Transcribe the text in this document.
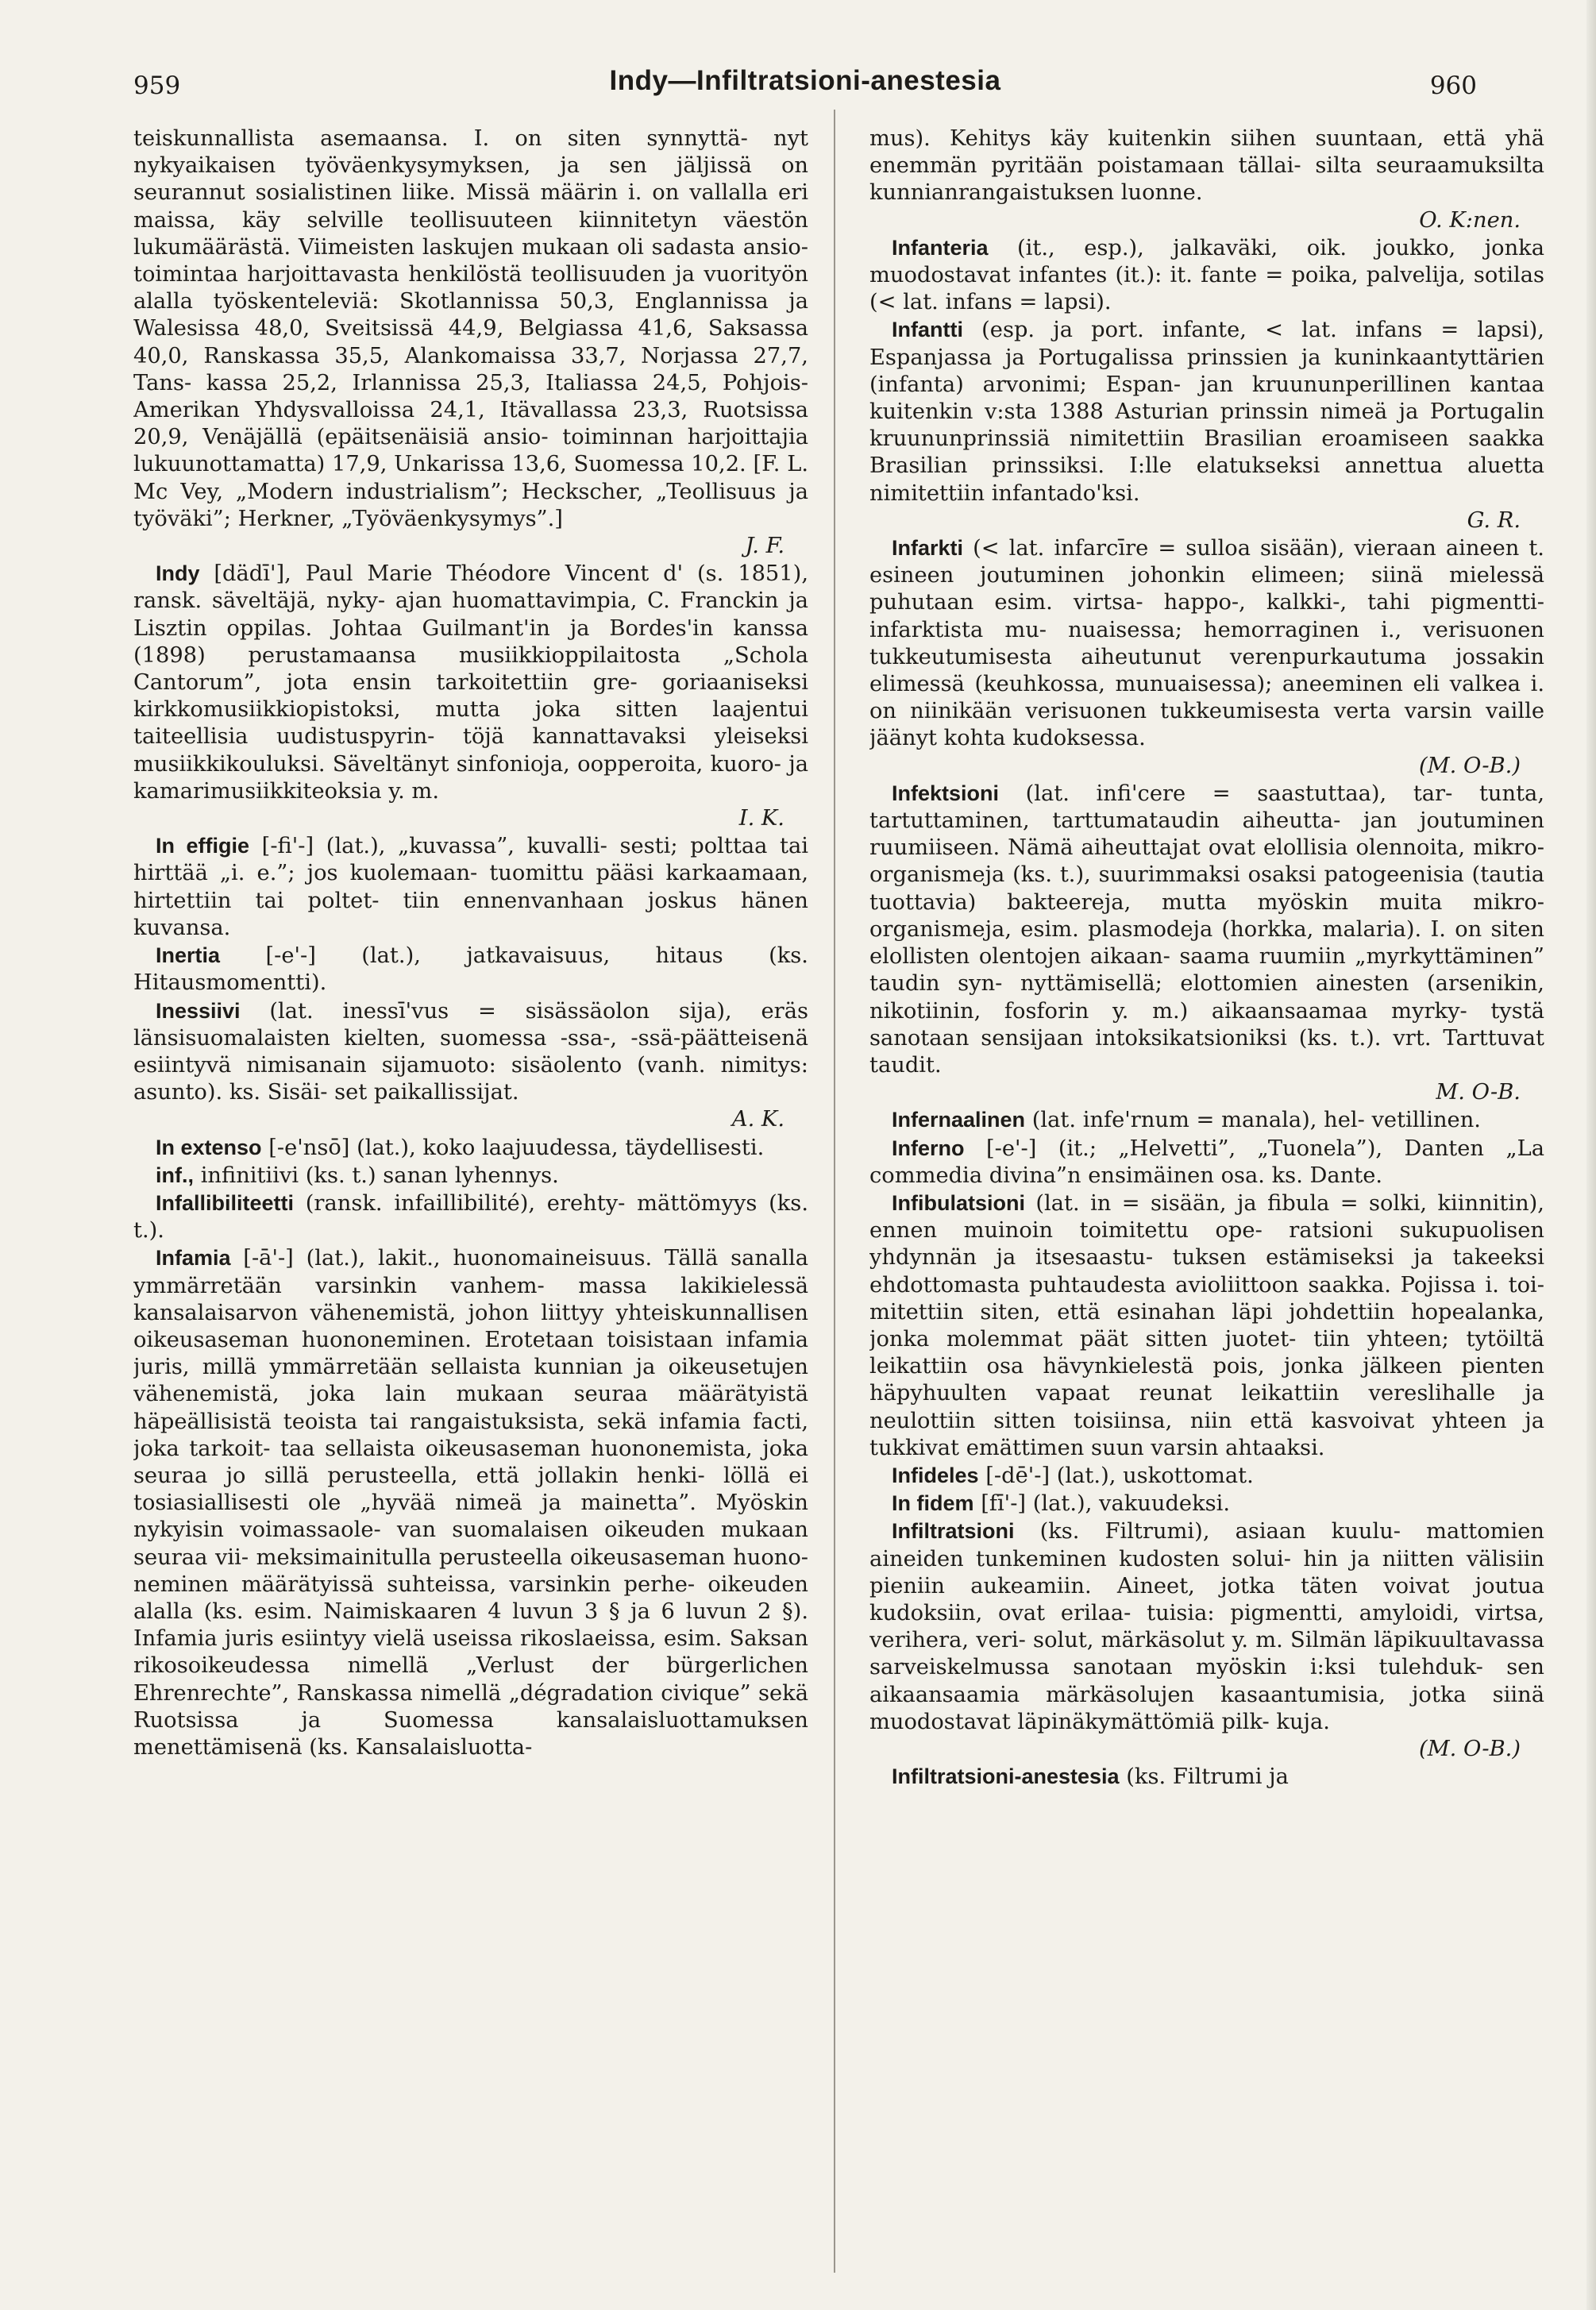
959	Indy—Infiltratsioni-anestesia	960

teiskunnallista asemaansa. I. on siten synnyttä- nyt nykyaikaisen työväenkysymyksen, ja sen jäljissä on seurannut sosialistinen liike. Missä määrin i. on vallalla eri maissa, käy selville teollisuuteen kiinnitetyn väestön lukumäärästä. Viimeisten laskujen mukaan oli sadasta ansio- toimintaa harjoittavasta henkilöstä teollisuuden ja vuorityön alalla työskenteleviä: Skotlannissa 50,3, Englannissa ja Walesissa 48,0, Sveitsissä 44,9, Belgiassa 41,6, Saksassa 40,0, Ranskassa 35,5, Alankomaissa 33,7, Norjassa 27,7, Tans- kassa 25,2, Irlannissa 25,3, Italiassa 24,5, Pohjois- Amerikan Yhdysvalloissa 24,1, Itävallassa 23,3, Ruotsissa 20,9, Venäjällä (epäitsenäisiä ansio- toiminnan harjoittajia lukuunottamatta) 17,9, Unkarissa 13,6, Suomessa 10,2. [F. L. Mc Vey, „Modern industrialism”; Heckscher, „Teollisuus ja työväki”; Herkner, „Työväenkysymys”.]
J. F.

Indy [dädī'], Paul Marie Théodore Vincent d' (s. 1851), ransk. säveltäjä, nyky- ajan huomattavimpia, C. Franckin ja Lisztin oppilas. Johtaa Guilmant'in ja Bordes'in kanssa (1898) perustamaansa musiikkioppilaitosta „Schola Cantorum”, jota ensin tarkoitettiin gre- goriaaniseksi kirkkomusiikkiopistoksi, mutta joka sitten laajentui taiteellisia uudistuspyrin- töjä kannattavaksi yleiseksi musiikkikouluksi. Säveltänyt sinfonioja, oopperoita, kuoro- ja kamarimusiikkiteoksia y. m.
I. K.

In effigie [-fi'-] (lat.), „kuvassa”, kuvalli- sesti; polttaa tai hirttää „i. e.”; jos kuolemaan- tuomittu pääsi karkaamaan, hirtettiin tai poltet- tiin ennenvanhaan joskus hänen kuvansa.

Inertia [-e'-] (lat.), jatkavaisuus, hitaus (ks. Hitausmomentti).

Inessiivi (lat. inessī'vus = sisässäolon sija), eräs länsisuomalaisten kielten, suomessa -ssa-, -ssä-päätteisenä esiintyvä nimisanain sijamuoto: sisäolento (vanh. nimitys: asunto). ks. Sisäi- set paikallissijat.
A. K.

In extenso [-e'nsō] (lat.), koko laajuudessa, täydellisesti.

inf., infinitiivi (ks. t.) sanan lyhennys.

Infallibiliteetti (ransk. infaillibilité), erehty- mättömyys (ks. t.).

Infamia [-ā'-] (lat.), lakit., huonomaineisuus. Tällä sanalla ymmärretään varsinkin vanhem- massa lakikielessä kansalaisarvon vähenemistä, johon liittyy yhteiskunnallisen oikeusaseman huononeminen. Erotetaan toisistaan infamia juris, millä ymmärretään sellaista kunnian ja oikeusetujen vähenemistä, joka lain mukaan seuraa määrätyistä häpeällisistä teoista tai rangaistuksista, sekä infamia facti, joka tarkoit- taa sellaista oikeusaseman huononemista, joka seuraa jo sillä perusteella, että jollakin henki- löllä ei tosiasiallisesti ole „hyvää nimeä ja mainetta”. Myöskin nykyisin voimassaole- van suomalaisen oikeuden mukaan seuraa vii- meksimainitulla perusteella oikeusaseman huono- neminen määrätyissä suhteissa, varsinkin perhe- oikeuden alalla (ks. esim. Naimiskaaren 4 luvun 3 § ja 6 luvun 2 §). Infamia juris esiintyy vielä useissa rikoslaeissa, esim. Saksan rikosoikeudessa nimellä „Verlust der bürgerlichen Ehrenrechte”, Ranskassa nimellä „dégradation civique” sekä Ruotsissa ja Suomessa kansalaisluottamuksen menettämisenä (ks. Kansalaisluotta-

mus). Kehitys käy kuitenkin siihen suuntaan, että yhä enemmän pyritään poistamaan tällai- silta seuraamuksilta kunnianrangaistuksen luonne.
O. K:nen.

Infanteria (it., esp.), jalkaväki, oik. joukko, jonka muodostavat infantes (it.): it. fante = poika, palvelija, sotilas (< lat. infans = lapsi).

Infantti (esp. ja port. infante, < lat. infans = lapsi), Espanjassa ja Portugalissa prinssien ja kuninkaantyttärien (infanta) arvonimi; Espan- jan kruununperillinen kantaa kuitenkin v:sta 1388 Asturian prinssin nimeä ja Portugalin kruununprinssiä nimitettiin Brasilian eroamiseen saakka Brasilian prinssiksi. I:lle elatukseksi annettua aluetta nimitettiin infantado'ksi.
G. R.

Infarkti (< lat. infarcīre = sulloa sisään), vieraan aineen t. esineen joutuminen johonkin elimeen; siinä mielessä puhutaan esim. virtsa- happo-, kalkki-, tahi pigmentti-infarktista mu- nuaisessa; hemorraginen i., verisuonen tukkeutumisesta aiheutunut verenpurkautuma jossakin elimessä (keuhkossa, munuaisessa); aneeminen eli valkea i. on niinikään verisuonen tukkeumisesta verta varsin vaille jäänyt kohta kudoksessa.
(M. O-B.)

Infektsioni (lat. infi'cere = saastuttaa), tar- tunta, tartuttaminen, tarttumataudin aiheutta- jan joutuminen ruumiiseen. Nämä aiheuttajat ovat elollisia olennoita, mikro-organismeja (ks. t.), suurimmaksi osaksi patogeenisia (tautia tuottavia) bakteereja, mutta myöskin muita mikro-organismeja, esim. plasmodeja (horkka, malaria). I. on siten elollisten olentojen aikaan- saama ruumiin „myrkyttäminen” taudin syn- nyttämisellä; elottomien ainesten (arsenikin, nikotiinin, fosforin y. m.) aikaansaamaa myrky- tystä sanotaan sensijaan intoksikatsioniksi (ks. t.). vrt. Tarttuvat taudit.
M. O-B.

Infernaalinen (lat. infe'rnum = manala), hel- vetillinen.

Inferno [-e'-] (it.; „Helvetti”, „Tuonela”), Danten „La commedia divina”n ensimäinen osa. ks. Dante.

Infibulatsioni (lat. in = sisään, ja fibula = solki, kiinnitin), ennen muinoin toimitettu ope- ratsioni sukupuolisen yhdynnän ja itsesaastu- tuksen estämiseksi ja takeeksi ehdottomasta puhtaudesta avioliittoon saakka. Pojissa i. toi- mitettiin siten, että esinahan läpi johdettiin hopealanka, jonka molemmat päät sitten juotet- tiin yhteen; tytöiltä leikattiin osa hävynkielestä pois, jonka jälkeen pienten häpyhuulten vapaat reunat leikattiin vereslihalle ja neulottiin sitten toisiinsa, niin että kasvoivat yhteen ja tukkivat emättimen suun varsin ahtaaksi.

Infideles [-dē'-] (lat.), uskottomat.

In fidem [fī'-] (lat.), vakuudeksi.

Infiltratsioni (ks. Filtrumi), asiaan kuulu- mattomien aineiden tunkeminen kudosten solui- hin ja niitten välisiin pieniin aukeamiin. Aineet, jotka täten voivat joutua kudoksiin, ovat erilaa- tuisia: pigmentti, amyloidi, virtsa, verihera, veri- solut, märkäsolut y. m. Silmän läpikuultavassa sarveiskelmussa sanotaan myöskin i:ksi tulehduk- sen aikaansaamia märkäsolujen kasaantumisia, jotka siinä muodostavat läpinäkymättömiä pilk- kuja.
(M. O-B.)

Infiltratsioni-anestesia (ks. Filtrumi ja
